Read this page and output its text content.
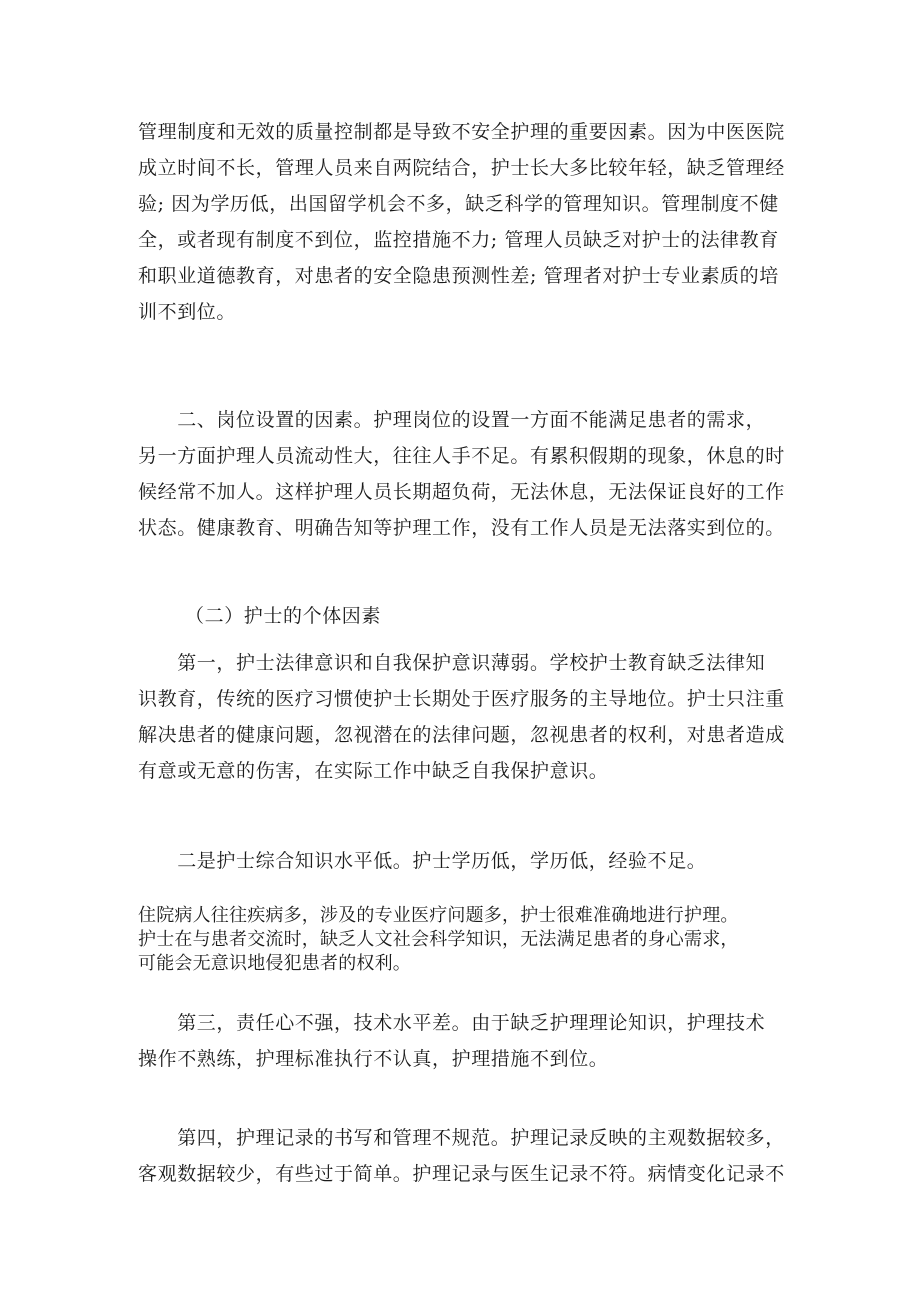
管理制度和无效的质量控制都是导致不安全护理的重要因素。因为中医医院
成立时间不长，管理人员来自两院结合，护士长大多比较年轻，缺乏管理经
验; 因为学历低，出国留学机会不多，缺乏科学的管理知识。管理制度不健
全，或者现有制度不到位，监控措施不力; 管理人员缺乏对护士的法律教育
和职业道德教育，对患者的安全隐患预测性差; 管理者对护士专业素质的培
训不到位。

　　二、岗位设置的因素。护理岗位的设置一方面不能满足患者的需求，
另一方面护理人员流动性大，往往人手不足。有累积假期的现象，休息的时
候经常不加人。这样护理人员长期超负荷，无法休息，无法保证良好的工作
状态。健康教育、明确告知等护理工作，没有工作人员是无法落实到位的。

（二）护士的个体因素

　　第一，护士法律意识和自我保护意识薄弱。学校护士教育缺乏法律知
识教育，传统的医疗习惯使护士长期处于医疗服务的主导地位。护士只注重
解决患者的健康问题，忽视潜在的法律问题，忽视患者的权利，对患者造成
有意或无意的伤害，在实际工作中缺乏自我保护意识。

　　二是护士综合知识水平低。护士学历低，学历低，经验不足。

住院病人往往疾病多，涉及的专业医疗问题多，护士很难准确地进行护理。
护士在与患者交流时，缺乏人文社会科学知识，无法满足患者的身心需求，
可能会无意识地侵犯患者的权利。

　　第三，责任心不强，技术水平差。由于缺乏护理理论知识，护理技术
操作不熟练，护理标准执行不认真，护理措施不到位。

　　第四，护理记录的书写和管理不规范。护理记录反映的主观数据较多，
客观数据较少，有些过于简单。护理记录与医生记录不符。病情变化记录不
